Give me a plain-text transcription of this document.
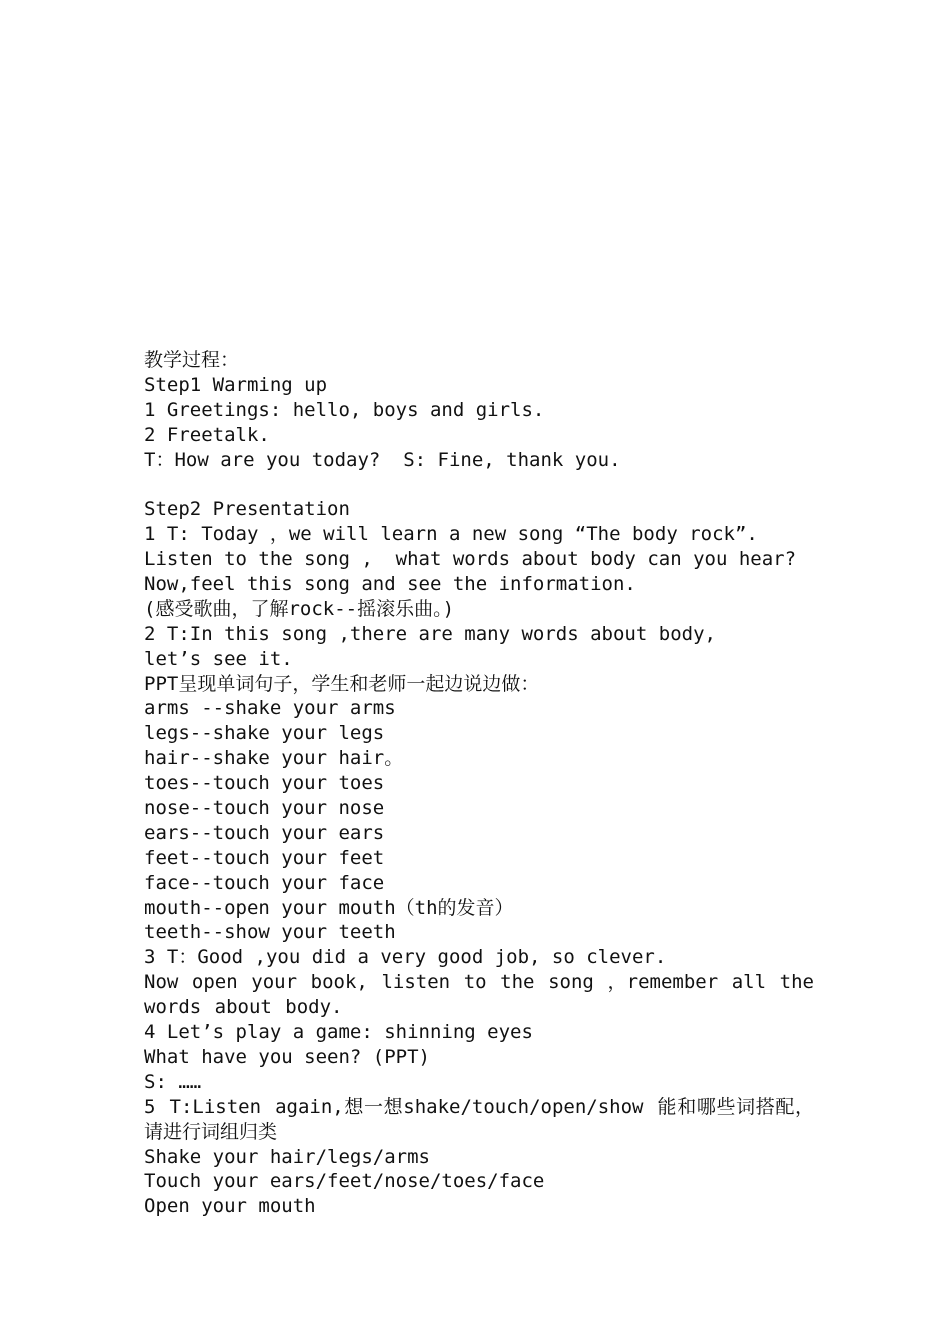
教学过程：
Step1 Warming up
1 Greetings: hello, boys and girls.
2 Freetalk.
T：How are you today?  S: Fine, thank you.
Step2 Presentation
1 T: Today ，we will learn a new song “The body rock”.
Listen to the song ,  what words about body can you hear?
Now,feel this song and see the information.
(感受歌曲，了解rock--摇滚乐曲。)
2 T:In this song ,there are many words about body,
let’s see it.
PPT呈现单词句子，学生和老师一起边说边做：
arms --shake your arms
legs--shake your legs
hair--shake your hair。
toes--touch your toes
nose--touch your nose
ears--touch your ears
feet--touch your feet
face--touch your face
mouth--open your mouth（th的发音）
teeth--show your teeth
3 T：Good ,you did a very good job, so clever.
Now open your book, listen to the song ，remember all the words about body.
4 Let’s play a game: shinning eyes
What have you seen? (PPT)
S: ……
5 T:Listen again,想一想shake/touch/open/show 能和哪些词搭配，请进行词组归类
Shake your hair/legs/arms
Touch your ears/feet/nose/toes/face
Open your mouth
